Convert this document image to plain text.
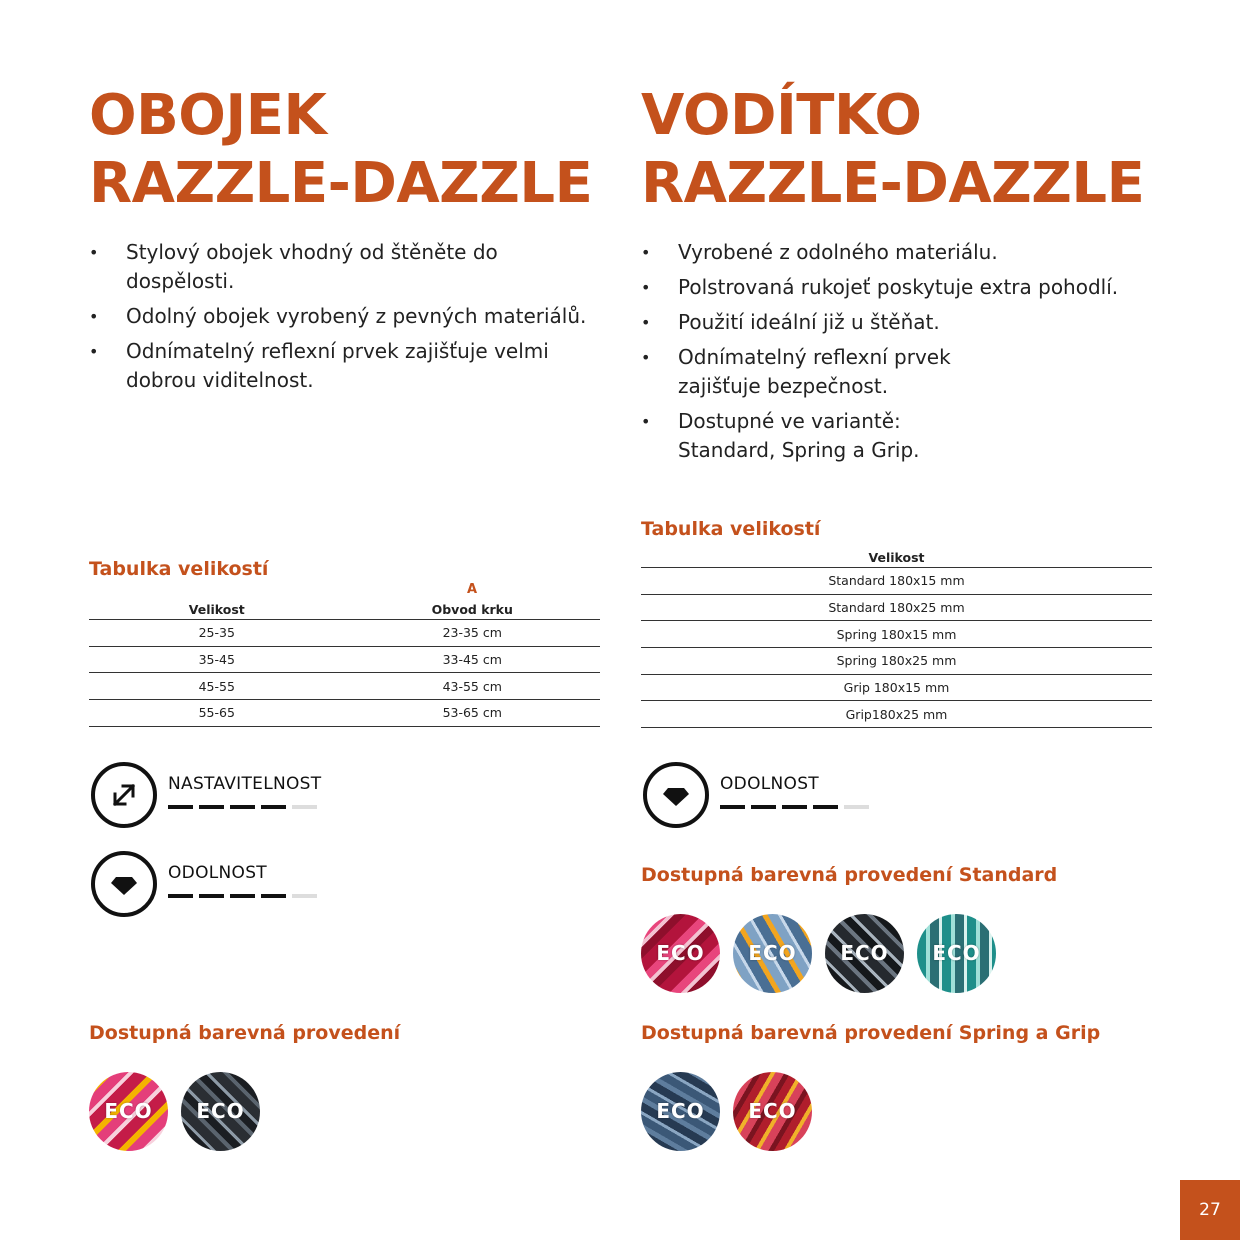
OBOJEK
RAZZLE-DAZZLE
• Stylový obojek vhodný od štěněte do dospělosti.
• Odolný obojek vyrobený z pevných materiálů.
• Odnímatelný reflexní prvek zajišťuje velmi dobrou viditelnost.
Tabulka velikostí
A
Velikost	Obvod krku
25-35	23-35 cm
35-45	33-45 cm
45-55	43-55 cm
55-65	53-65 cm
NASTAVITELNOST
ODOLNOST
Dostupná barevná provedení
ECO	ECO
VODÍTKO
RAZZLE-DAZZLE
• Vyrobené z odolného materiálu.
• Polstrovaná rukojeť poskytuje extra pohodlí.
• Použití ideální již u štěňat.
• Odnímatelný reflexní prvek zajišťuje bezpečnost.
• Dostupné ve variantě: Standard, Spring a Grip.
Tabulka velikostí
Velikost
Standard 180x15 mm
Standard 180x25 mm
Spring 180x15 mm
Spring 180x25 mm
Grip 180x15 mm
Grip180x25 mm
ODOLNOST
Dostupná barevná provedení Standard
ECO	ECO	ECO	ECO
Dostupná barevná provedení Spring a Grip
ECO	ECO
27
